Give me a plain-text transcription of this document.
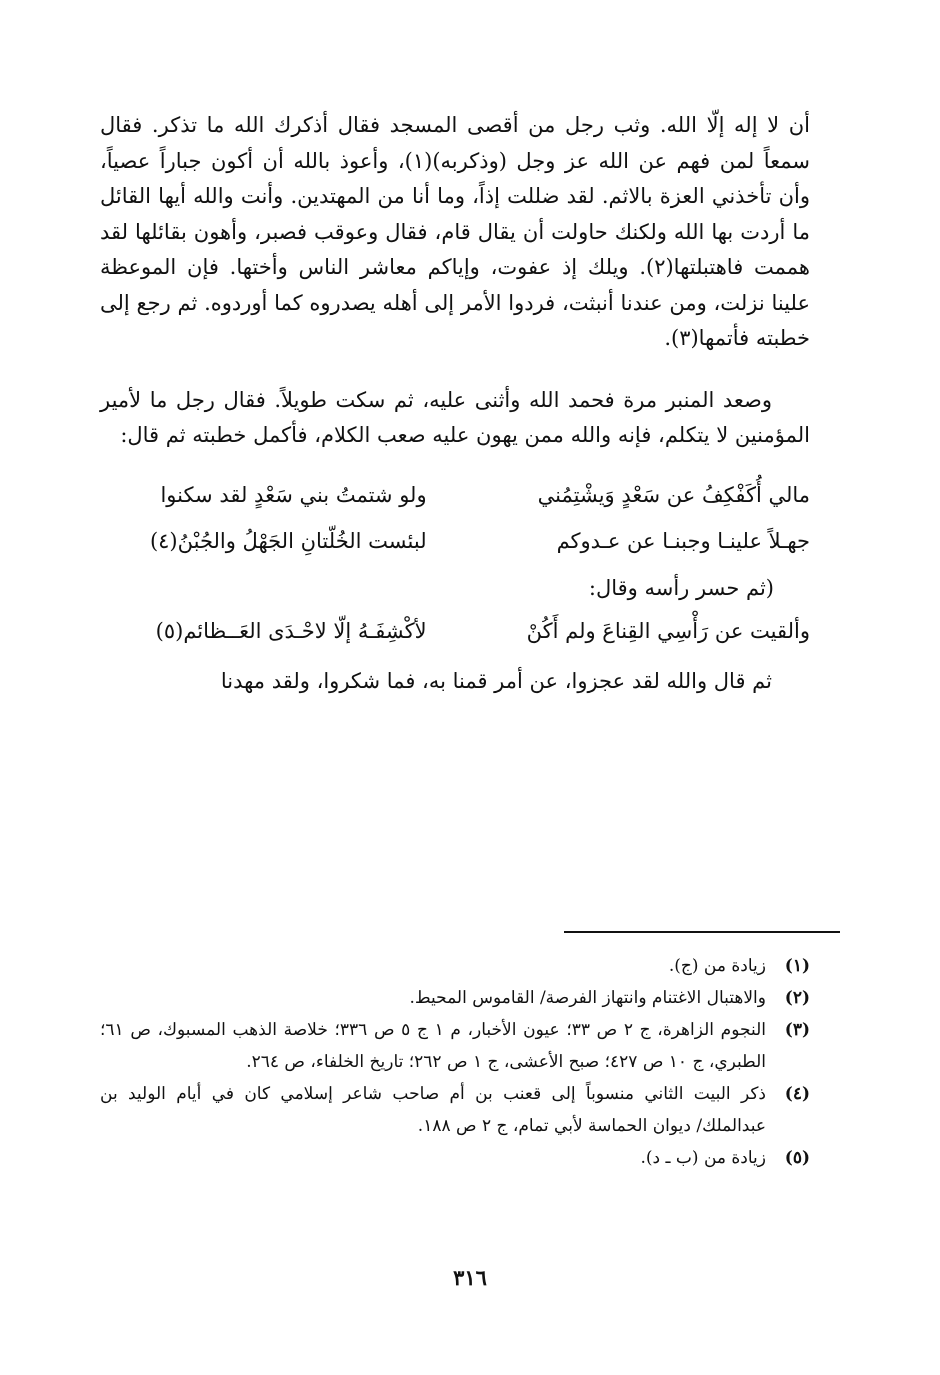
أن لا إله إلّا الله. وثب رجل من أقصى المسجد فقال أذكرك الله ما تذكر. فقال سمعاً لمن فهم عن الله عز وجل (وذكربه)(١)، وأعوذ بالله أن أكون جباراً عصياً، وأن تأخذني العزة بالاثم. لقد ضللت إذاً، وما أنا من المهتدين. وأنت والله أيها القائل ما أردت بها الله ولكنك حاولت أن يقال قام، فقال وعوقب فصبر، وأهون بقائلها لقد هممت فاهتبلتها(٢). ويلك إذ عفوت، وإياكم معاشر الناس وأختها. فإن الموعظة علينا نزلت، ومن عندنا أنبثت، فردوا الأمر إلى أهله يصدروه كما أوردوه. ثم رجع إلى خطبته فأتمها(٣).

وصعد المنبر مرة فحمد الله وأثنى عليه، ثم سكت طويلاً. فقال رجل ما لأمير المؤمنين لا يتكلم، فإنه والله ممن يهون عليه صعب الكلام، فأكمل خطبته ثم قال:

مالي أُكَفْكِفُ عن سَعْدٍ وَيشْتِمُني
ولو شتمتُ بني سَعْدٍ لقد سكنوا
جهـلاً علينـا وجبنـا عن عـدوكم
لبئست الخُلّتانِ الجَهْلُ والجُبْنُ(٤)
(ثم حسر رأسه وقال:
وألقيت عن رَأْسِي القِناعَ ولم أَكُنْ
لأكْشِفَـهُ إلّا لاحْـدَى العَــظائم(٥)

ثم قال والله لقد عجزوا، عن أمر قمنا به، فما شكروا، ولقد مهدنا

(١)
زيادة من (ج).
(٢)
والاهتبال الاغتنام وانتهاز الفرصة/ القاموس المحيط.
(٣)
النجوم الزاهرة، ج ٢ ص ٣٣؛ عيون الأخبار، م ١ ج ٥ ص ٣٣٦؛ خلاصة الذهب المسبوك، ص ٦١؛ الطبري، ج ١٠ ص ٤٢٧؛ صبح الأعشى، ج ١ ص ٢٦٢؛ تاريخ الخلفاء، ص ٢٦٤.
(٤)
ذكر البيت الثاني منسوباً إلى قعنب بن أم صاحب شاعر إسلامي كان في أيام الوليد بن عبدالملك/ ديوان الحماسة لأبي تمام، ج ٢ ص ١٨٨.
(٥)
زيادة من (ب ـ د).
٣١٦
